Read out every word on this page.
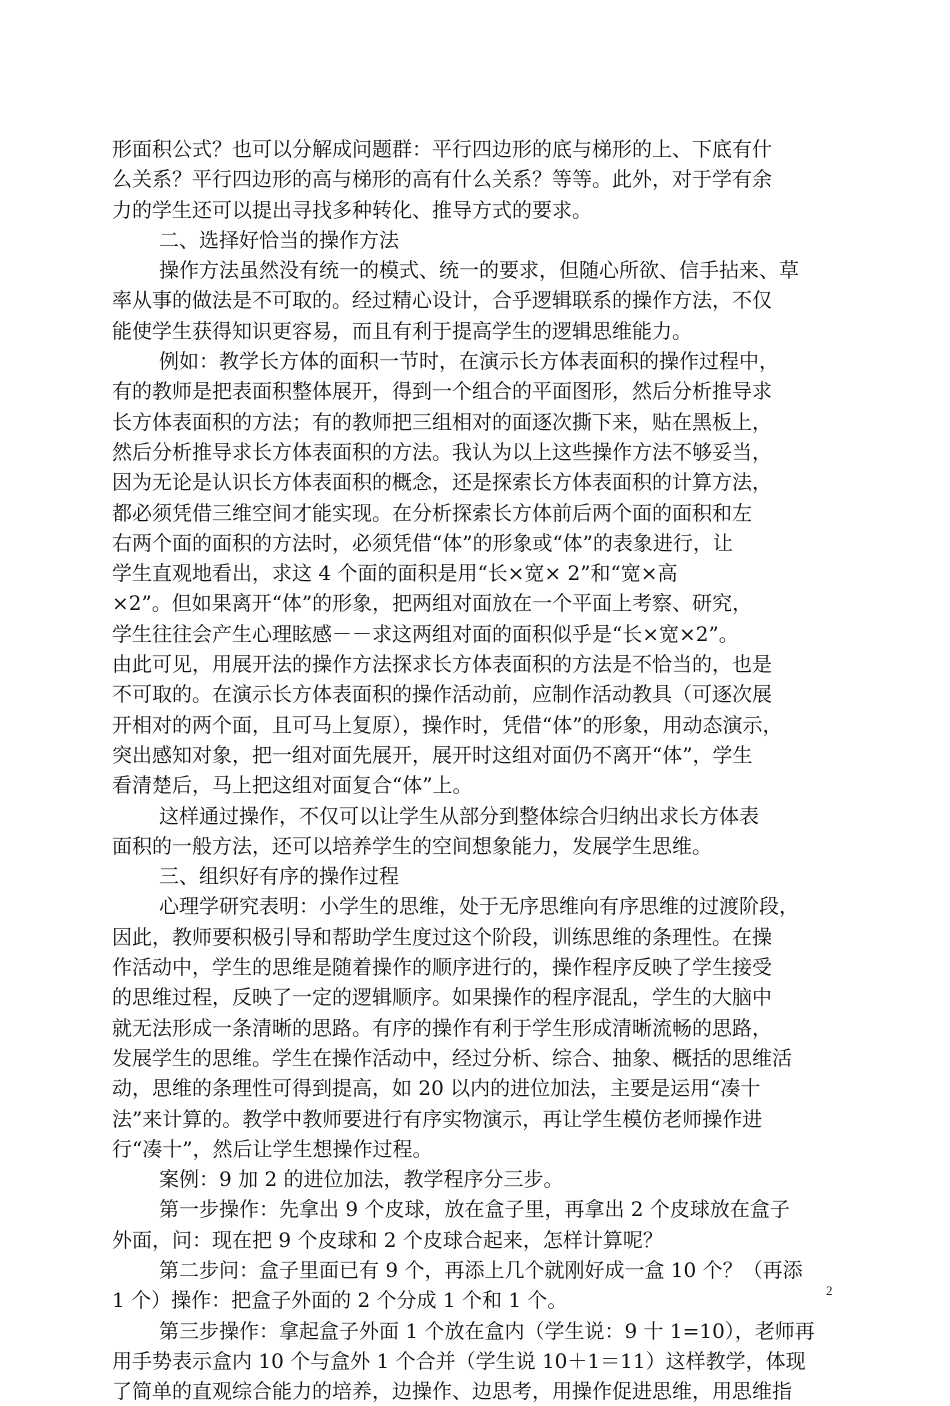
形面积公式？也可以分解成问题群：平行四边形的底与梯形的上、下底有什
么关系？平行四边形的高与梯形的高有什么关系？等等。此外，对于学有余
力的学生还可以提出寻找多种转化、推导方式的要求。

二、选择好恰当的操作方法

操作方法虽然没有统一的模式、统一的要求，但随心所欲、信手拈来、草
率从事的做法是不可取的。经过精心设计，合乎逻辑联系的操作方法，不仅
能使学生获得知识更容易，而且有利于提高学生的逻辑思维能力。

例如：教学长方体的面积一节时，在演示长方体表面积的操作过程中，
有的教师是把表面积整体展开，得到一个组合的平面图形，然后分析推导求
长方体表面积的方法；有的教师把三组相对的面逐次撕下来，贴在黑板上，
然后分析推导求长方体表面积的方法。我认为以上这些操作方法不够妥当，
因为无论是认识长方体表面积的概念，还是探索长方体表面积的计算方法，
都必须凭借三维空间才能实现。在分析探索长方体前后两个面的面积和左
右两个面的面积的方法时，必须凭借“体”的形象或“体”的表象进行，让
学生直观地看出，求这 4 个面的面积是用“长×宽× 2”和“宽×高
×2”。但如果离开“体”的形象，把两组对面放在一个平面上考察、研究，
学生往往会产生心理眩感－－求这两组对面的面积似乎是“长×宽×2”。
由此可见，用展开法的操作方法探求长方体表面积的方法是不恰当的，也是
不可取的。在演示长方体表面积的操作活动前，应制作活动教具（可逐次展
开相对的两个面，且可马上复原），操作时，凭借“体”的形象，用动态演示，
突出感知对象，把一组对面先展开，展开时这组对面仍不离开“体”，学生
看清楚后，马上把这组对面复合“体”上。

这样通过操作，不仅可以让学生从部分到整体综合归纳出求长方体表
面积的一般方法，还可以培养学生的空间想象能力，发展学生思维。

三、组织好有序的操作过程

心理学研究表明：小学生的思维，处于无序思维向有序思维的过渡阶段，
因此，教师要积极引导和帮助学生度过这个阶段，训练思维的条理性。在操
作活动中，学生的思维是随着操作的顺序进行的，操作程序反映了学生接受
的思维过程，反映了一定的逻辑顺序。如果操作的程序混乱，学生的大脑中
就无法形成一条清晰的思路。有序的操作有利于学生形成清晰流畅的思路，
发展学生的思维。学生在操作活动中，经过分析、综合、抽象、概括的思维活
动，思维的条理性可得到提高，如 20 以内的进位加法，主要是运用“凑十
法”来计算的。教学中教师要进行有序实物演示，再让学生模仿老师操作进
行“凑十”，然后让学生想操作过程。

案例：9 加 2 的进位加法，教学程序分三步。

第一步操作：先拿出 9 个皮球，放在盒子里，再拿出 2 个皮球放在盒子
外面，问：现在把 9 个皮球和 2 个皮球合起来，怎样计算呢？

第二步问：盒子里面已有 9 个，再添上几个就刚好成一盒 10 个？（再添
1 个）操作：把盒子外面的 2 个分成 1 个和 1 个。

第三步操作：拿起盒子外面 1 个放在盒内（学生说：9 十 1=10），老师再
用手势表示盒内 10 个与盒外 1 个合并（学生说 10＋1＝11）这样教学，体现
了简单的直观综合能力的培养，边操作、边思考，用操作促进思维，用思维指

2
